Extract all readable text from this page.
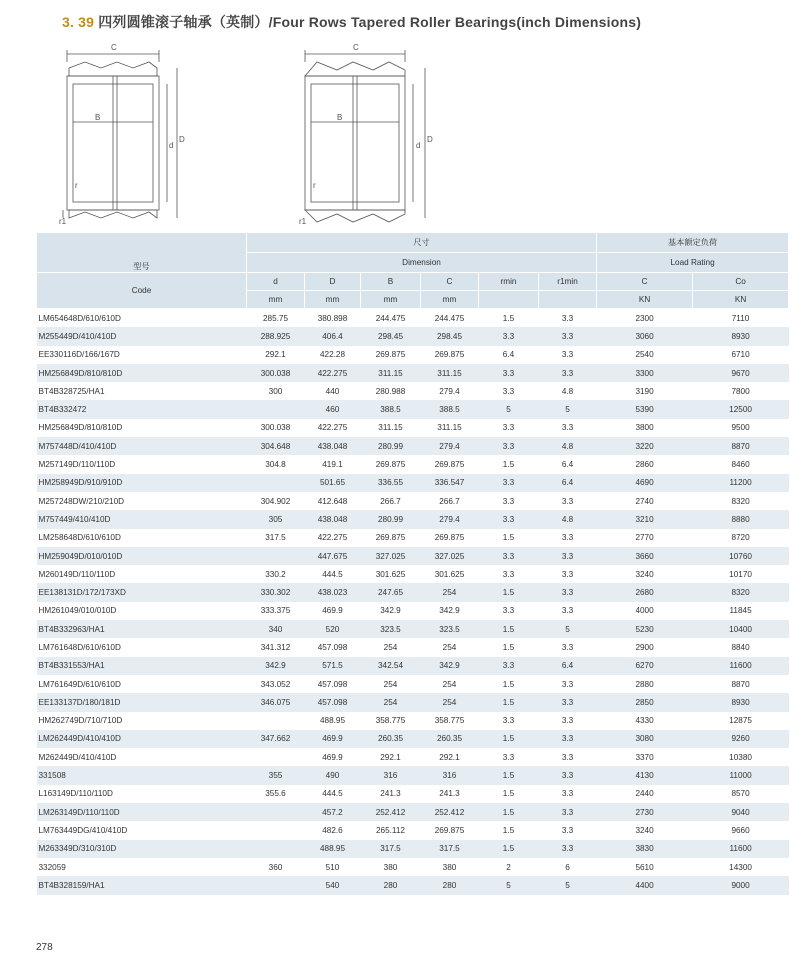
3. 39 四列圆锥滚子轴承（英制）/Four Rows Tapered Roller Bearings(inch Dimensions)
C
B
d
D
r
r1
C
B
d
D
r
r1
型号	尺寸						基本额定负荷	
	Dimension						Load Rating	
Code	d	D	B	C	rmin	r1min	C	Co
	mm	mm	mm	mm			KN	KN
LM654648D/610/610D	285.75	380.898	244.475	244.475	1.5	3.3	2300	7110
M255449D/410/410D	288.925	406.4	298.45	298.45	3.3	3.3	3060	8930
EE330116D/166/167D	292.1	422.28	269.875	269.875	6.4	3.3	2540	6710
HM256849D/810/810D	300.038	422.275	311.15	311.15	3.3	3.3	3300	9670
BT4B328725/HA1	300	440	280.988	279.4	3.3	4.8	3190	7800
BT4B332472		460	388.5	388.5	5	5	5390	12500
HM256849D/810/810D	300.038	422.275	311.15	311.15	3.3	3.3	3800	9500
M757448D/410/410D	304.648	438.048	280.99	279.4	3.3	4.8	3220	8870
M257149D/110/110D	304.8	419.1	269.875	269.875	1.5	6.4	2860	8460
HM258949D/910/910D		501.65	336.55	336.547	3.3	6.4	4690	11200
M257248DW/210/210D	304.902	412.648	266.7	266.7	3.3	3.3	2740	8320
M757449/410/410D	305	438.048	280.99	279.4	3.3	4.8	3210	8880
LM258648D/610/610D	317.5	422.275	269.875	269.875	1.5	3.3	2770	8720
HM259049D/010/010D		447.675	327.025	327.025	3.3	3.3	3660	10760
M260149D/110/110D	330.2	444.5	301.625	301.625	3.3	3.3	3240	10170
EE138131D/172/173XD	330.302	438.023	247.65	254	1.5	3.3	2680	8320
HM261049/010/010D	333.375	469.9	342.9	342.9	3.3	3.3	4000	11845
BT4B332963/HA1	340	520	323.5	323.5	1.5	5	5230	10400
LM761648D/610/610D	341.312	457.098	254	254	1.5	3.3	2900	8840
BT4B331553/HA1	342.9	571.5	342.54	342.9	3.3	6.4	6270	11600
LM761649D/610/610D	343.052	457.098	254	254	1.5	3.3	2880	8870
EE133137D/180/181D	346.075	457.098	254	254	1.5	3.3	2850	8930
HM262749D/710/710D		488.95	358.775	358.775	3.3	3.3	4330	12875
LM262449D/410/410D	347.662	469.9	260.35	260.35	1.5	3.3	3080	9260
M262449D/410/410D		469.9	292.1	292.1	3.3	3.3	3370	10380
331508	355	490	316	316	1.5	3.3	4130	11000
L163149D/110/110D	355.6	444.5	241.3	241.3	1.5	3.3	2440	8570
LM263149D/110/110D		457.2	252.412	252.412	1.5	3.3	2730	9040
LM763449DG/410/410D		482.6	265.112	269.875	1.5	3.3	3240	9660
M263349D/310/310D		488.95	317.5	317.5	1.5	3.3	3830	11600
332059	360	510	380	380	2	6	5610	14300
BT4B328159/HA1		540	280	280	5	5	4400	9000
278
